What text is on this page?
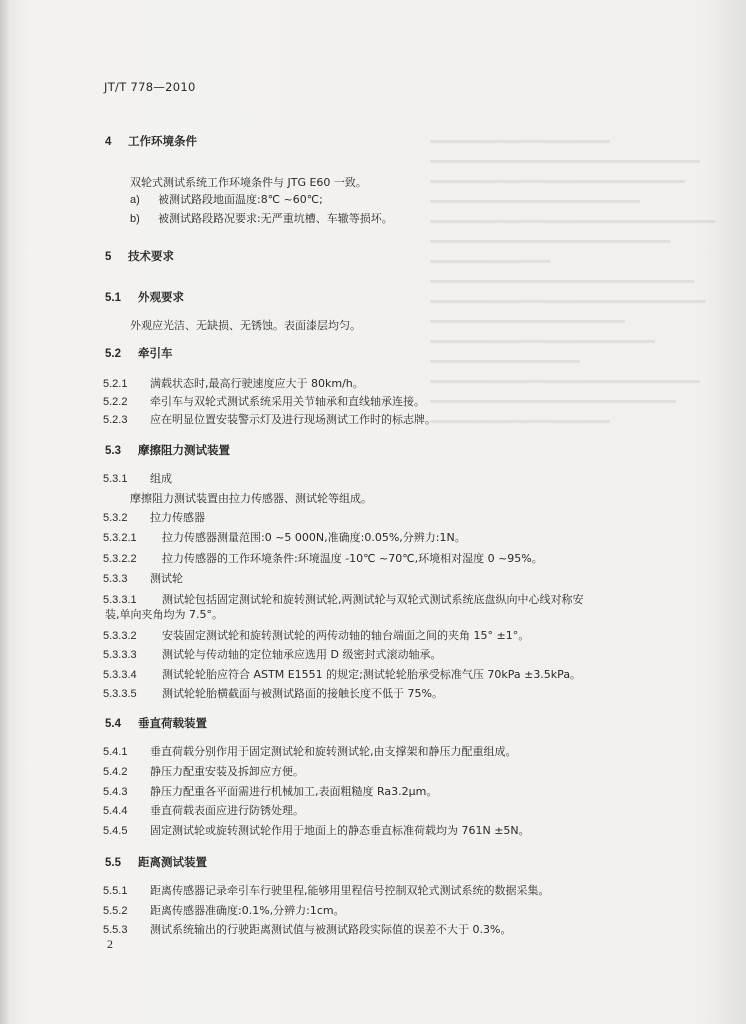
JT/T 778—2010
4 工作环境条件
双轮式测试系统工作环境条件与 JTG E60 一致。
a) 被测试路段地面温度:8℃ ~60℃;
b) 被测试路段路况要求:无严重坑槽、车辙等损坏。
5 技术要求
5.1 外观要求
外观应光洁、无缺损、无锈蚀。表面漆层均匀。
5.2 牵引车
5.2.1 满载状态时,最高行驶速度应大于 80km/h。
5.2.2 牵引车与双轮式测试系统采用关节轴承和直线轴承连接。
5.2.3 应在明显位置安装警示灯及进行现场测试工作时的标志牌。
5.3 摩擦阻力测试装置
5.3.1 组成
摩擦阻力测试装置由拉力传感器、测试轮等组成。
5.3.2 拉力传感器
5.3.2.1 拉力传感器测量范围:0 ~5 000N,准确度:0.05%,分辨力:1N。
5.3.2.2 拉力传感器的工作环境条件:环境温度 -10℃ ~70℃,环境相对湿度 0 ~95%。
5.3.3 测试轮
5.3.3.1 测试轮包括固定测试轮和旋转测试轮,两测试轮与双轮式测试系统底盘纵向中心线对称安
装,单向夹角均为 7.5°。
5.3.3.2 安装固定测试轮和旋转测试轮的两传动轴的轴台端面之间的夹角 15° ±1°。
5.3.3.3 测试轮与传动轴的定位轴承应选用 D 级密封式滚动轴承。
5.3.3.4 测试轮轮胎应符合 ASTM E1551 的规定;测试轮轮胎承受标准气压 70kPa ±3.5kPa。
5.3.3.5 测试轮轮胎横截面与被测试路面的接触长度不低于 75%。
5.4 垂直荷载装置
5.4.1 垂直荷载分别作用于固定测试轮和旋转测试轮,由支撑架和静压力配重组成。
5.4.2 静压力配重安装及拆卸应方便。
5.4.3 静压力配重各平面需进行机械加工,表面粗糙度 Ra3.2μm。
5.4.4 垂直荷载表面应进行防锈处理。
5.4.5 固定测试轮或旋转测试轮作用于地面上的静态垂直标准荷载均为 761N ±5N。
5.5 距离测试装置
5.5.1 距离传感器记录牵引车行驶里程,能够用里程信号控制双轮式测试系统的数据采集。
5.5.2 距离传感器准确度:0.1%,分辨力:1cm。
5.5.3 测试系统输出的行驶距离测试值与被测试路段实际值的误差不大于 0.3%。
2
